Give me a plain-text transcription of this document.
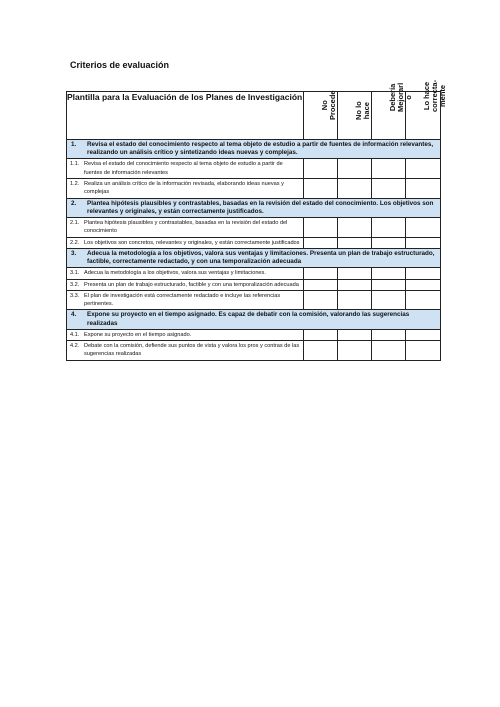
Criterios de evaluación
Plantilla para la Evaluación de los Planes de Investigación	No Procede	No lo hace	Debería Mejorarl o	Lo hace correcta- mente

1. Revisa el estado del conocimiento respecto al tema objeto de estudio a partir de fuentes de información relevantes, realizando un análisis crítico y sintetizando ideas nuevas y complejas.				

1.1. Revisa el estado del conocimiento respecto al tema objeto de estudio a partir de fuentes de información relevantes				

1.2. Realiza un análisis crítico de la información revisada, elaborando ideas nuevas y complejas				

2. Plantea hipótesis plausibles y contrastables, basadas en la revisión del estado del conocimiento. Los objetivos son relevantes y originales, y están correctamente justificados.				

2.1. Plantea hipótesis plausibles y contrastables, basadas en la revisión del estado del conocimiento				

2.2. Los objetivos son concretos, relevantes y originales, y están correctamente justificados				

3. Adecua la metodología a los objetivos, valora sus ventajas y limitaciones. Presenta un plan de trabajo estructurado, factible, correctamente redactado, y con una temporalización adecuada				

3.1. Adecua la metodología a los objetivos, valora sus ventajas y limitaciones.				

3.2. Presenta un plan de trabajo estructurado, factible y con una temporalización adecuada				

3.3. El plan de investigación está correctamente redactado e incluye las referencias pertinentes.				

4. Expone su proyecto en el tiempo asignado. Es capaz de debatir con la comisión, valorando las sugerencias realizadas				

4.1. Expone su proyecto en el tiempo asignado.				

4.2. Debate con la comisión, defiende sus puntos de vista y valora los pros y contras de las sugerencias realizadas				
